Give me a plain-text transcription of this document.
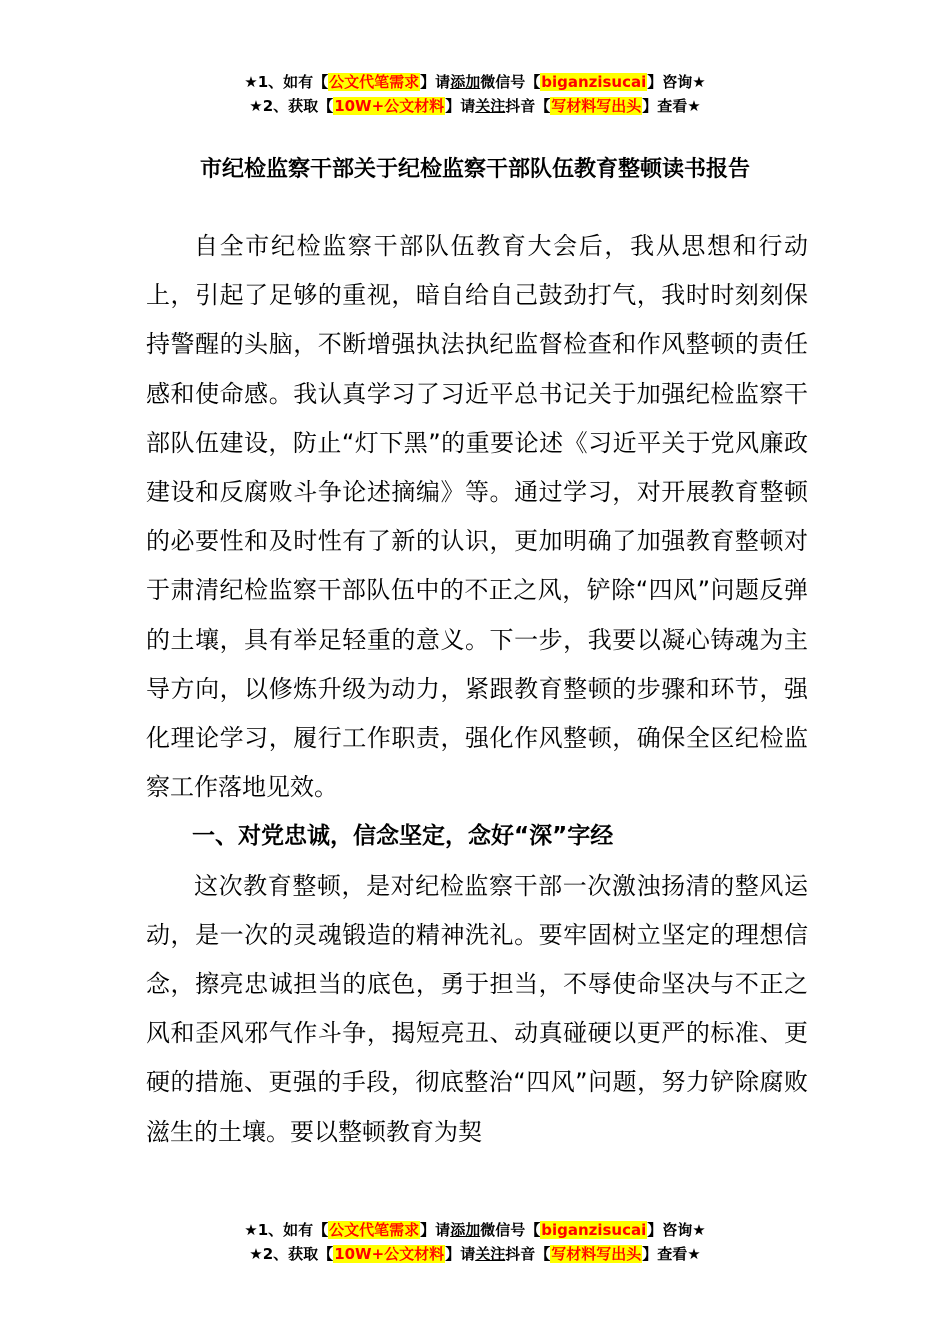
★1、如有【公文代笔需求】请添加微信号【biganzisucai】咨询★
★2、获取【10W+公文材料】请关注抖音【写材料写出头】查看★
市纪检监察干部关于纪检监察干部队伍教育整顿读书报告

自全市纪检监察干部队伍教育大会后，我从思想和行动上，引起了足够的重视，暗自给自己鼓劲打气，我时时刻刻保持警醒的头脑，不断增强执法执纪监督检查和作风整顿的责任感和使命感。我认真学习了习近平总书记关于加强纪检监察干部队伍建设，防止“灯下黑”的重要论述《习近平关于党风廉政建设和反腐败斗争论述摘编》等。通过学习，对开展教育整顿的必要性和及时性有了新的认识，更加明确了加强教育整顿对于肃清纪检监察干部队伍中的不正之风，铲除“四风”问题反弹的土壤，具有举足轻重的意义。下一步，我要以凝心铸魂为主导方向，以修炼升级为动力，紧跟教育整顿的步骤和环节，强化理论学习，履行工作职责，强化作风整顿，确保全区纪检监察工作落地见效。

一、对党忠诚，信念坚定，念好“深”字经

这次教育整顿，是对纪检监察干部一次激浊扬清的整风运动，是一次的灵魂锻造的精神洗礼。要牢固树立坚定的理想信念，擦亮忠诚担当的底色，勇于担当，不辱使命坚决与不正之风和歪风邪气作斗争，揭短亮丑、动真碰硬以更严的标准、更硬的措施、更强的手段，彻底整治“四风”问题，努力铲除腐败滋生的土壤。要以整顿教育为契

★1、如有【公文代笔需求】请添加微信号【biganzisucai】咨询★
★2、获取【10W+公文材料】请关注抖音【写材料写出头】查看★
